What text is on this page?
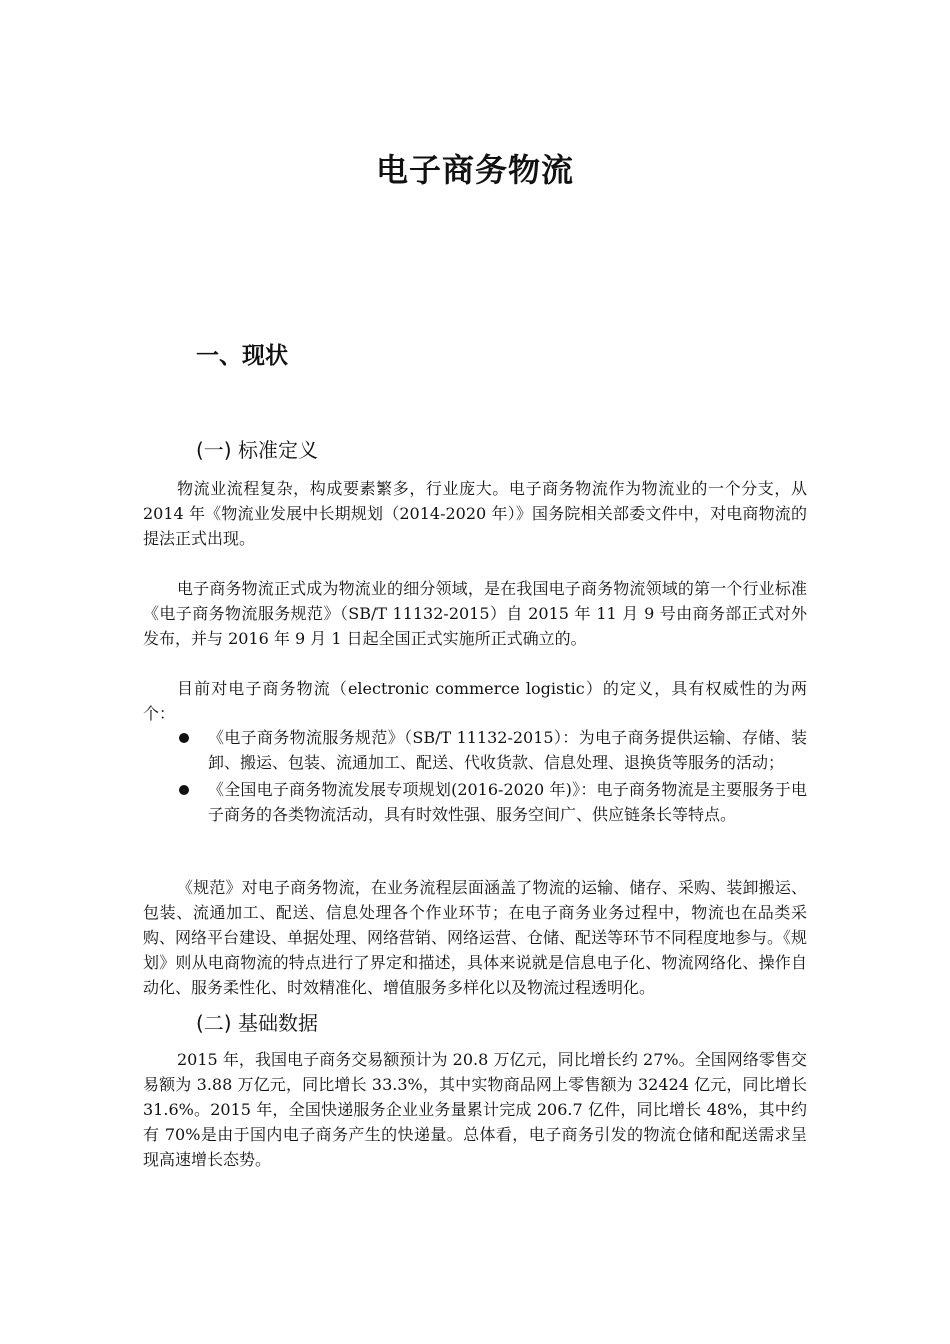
电子商务物流
一、现状
(一) 标准定义

物流业流程复杂，构成要素繁多，行业庞大。电子商务物流作为物流业的一个分支，从 2014 年《物流业发展中长期规划（2014-2020 年）》国务院相关部委文件中，对电商物流的提法正式出现。

电子商务物流正式成为物流业的细分领域，是在我国电子商务物流领域的第一个行业标准《电子商务物流服务规范》（SB/T 11132-2015）自 2015 年 11 月 9 号由商务部正式对外发布，并与 2016 年 9 月 1 日起全国正式实施所正式确立的。

目前对电子商务物流（electronic commerce logistic）的定义，具有权威性的为两个：

《电子商务物流服务规范》（SB/T 11132-2015）：为电子商务提供运输、存储、装卸、搬运、包装、流通加工、配送、代收货款、信息处理、退换货等服务的活动；
《全国电子商务物流发展专项规划(2016-2020 年)》：电子商务物流是主要服务于电子商务的各类物流活动，具有时效性强、服务空间广、供应链条长等特点。

《规范》对电子商务物流，在业务流程层面涵盖了物流的运输、储存、采购、装卸搬运、包装、流通加工、配送、信息处理各个作业环节；在电子商务业务过程中，物流也在品类采购、网络平台建设、单据处理、网络营销、网络运营、仓储、配送等环节不同程度地参与。《规划》则从电商物流的特点进行了界定和描述，具体来说就是信息电子化、物流网络化、操作自动化、服务柔性化、时效精准化、增值服务多样化以及物流过程透明化。

(二) 基础数据

2015 年，我国电子商务交易额预计为 20.8 万亿元，同比增长约 27%。全国网络零售交易额为 3.88 万亿元，同比增长 33.3%，其中实物商品网上零售额为 32424 亿元，同比增长 31.6%。2015 年，全国快递服务企业业务量累计完成 206.7 亿件，同比增长 48%，其中约有 70%是由于国内电子商务产生的快递量。总体看，电子商务引发的物流仓储和配送需求呈现高速增长态势。
